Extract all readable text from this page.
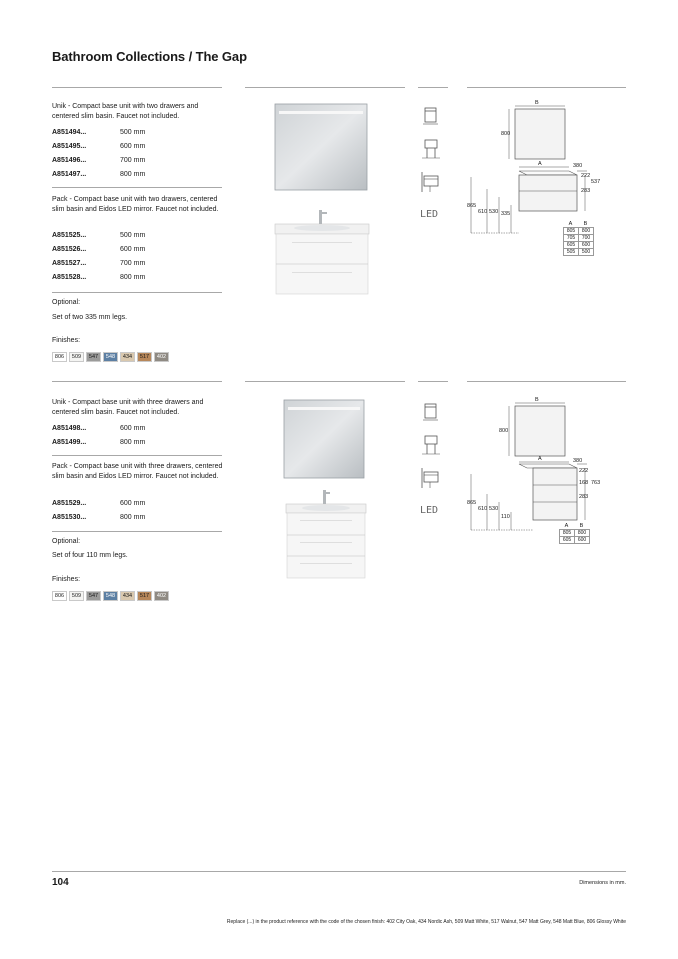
Bathroom Collections / The Gap
Unik - Compact base unit with two drawers and centered slim basin. Faucet not included.
A851494...	500 mm
A851495...	600 mm
A851496...	700 mm
A851497...	800 mm
Pack - Compact base unit with two drawers, centered slim basin and Eidos LED mirror. Faucet not included.
A851525...	500 mm
A851526...	600 mm
A851527...	700 mm
A851528...	800 mm
Optional:
Set of two 335 mm legs.
Finishes:
806	509	547	548	434	517	402
LED
B
800
A	380
222
537
283
865
610 530 335
A	B
805	800
705	700
605	600
505	500
Unik - Compact base unit with three drawers and centered slim basin. Faucet not included.
A851498...	600 mm
A851499...	800 mm
Pack - Compact base unit with three drawers, centered slim basin and Eidos LED mirror. Faucet not included.
A851529...	600 mm
A851530...	800 mm
Optional:
Set of four 110 mm legs.
Finishes:
806	509	547	548	434	517	402
LED
B
800
A	380
222
763
168
283
865
610 530
110
A	B
805	800
605	600
104	Dimensions in mm.
Replace (...) in the product reference with the code of the chosen finish: 402 City Oak, 434 Nordic Ash, 509 Matt White, 517 Walnut, 547 Matt Grey, 548 Matt Blue, 806 Glossy White
